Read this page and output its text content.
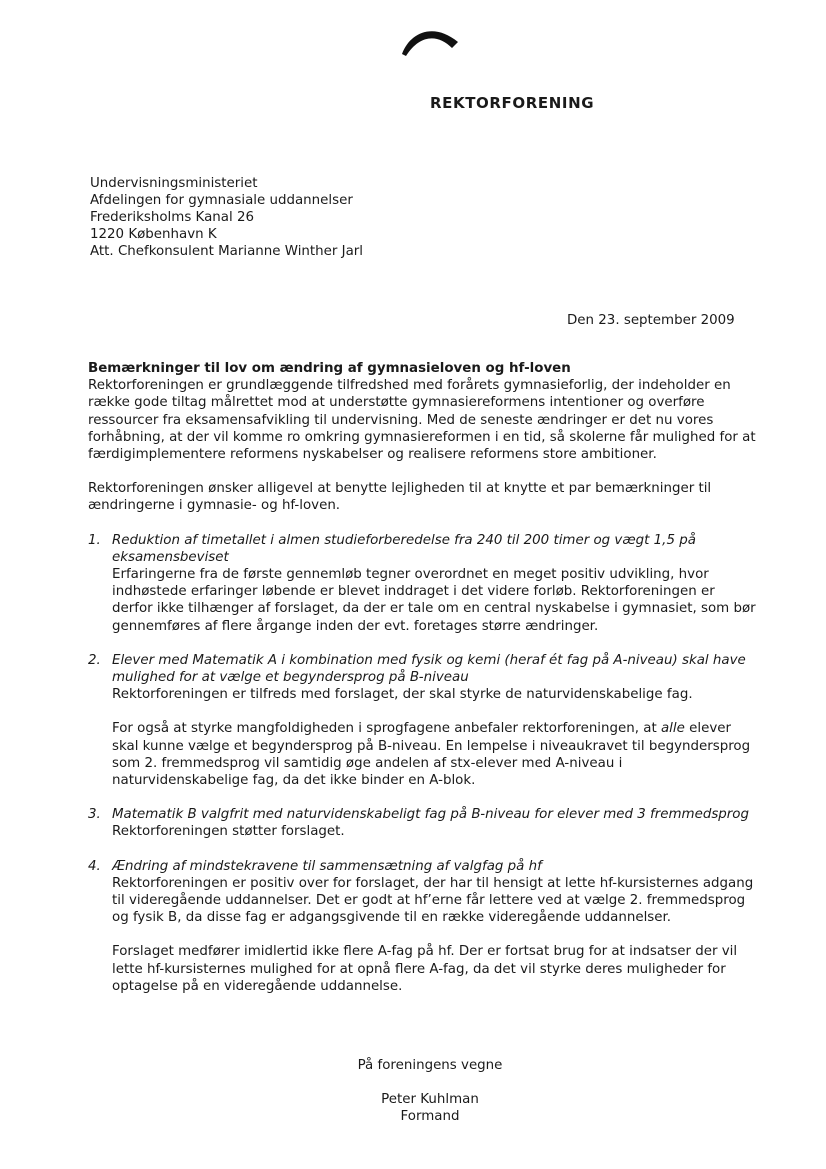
REKTORFORENING
Undervisningsministeriet
Afdelingen for gymnasiale uddannelser
Frederiksholms Kanal 26
1220 København K
Att. Chefkonsulent Marianne Winther Jarl
Den 23. september 2009

Bemærkninger til lov om ændring af gymnasieloven og hf-loven

Rektorforeningen er grundlæggende tilfredshed med forårets gymnasieforlig, der indeholder en række gode tiltag målrettet mod at understøtte gymnasiereformens intentioner og overføre ressourcer fra eksamensafvikling til undervisning. Med de seneste ændringer er det nu vores forhåbning, at der vil komme ro omkring gymnasiereformen i en tid, så skolerne får mulighed for at færdigimplementere reformens nyskabelser og realisere reformens store ambitioner.

Rektorforeningen ønsker alligevel at benytte lejligheden til at knytte et par bemærkninger til ændringerne i gymnasie- og hf-loven.

1. Reduktion af timetallet i almen studieforberedelse fra 240 til 200 timer og vægt 1,5 på eksamensbeviset

Erfaringerne fra de første gennemløb tegner overordnet en meget positiv udvikling, hvor indhøstede erfaringer løbende er blevet inddraget i det videre forløb. Rektorforeningen er derfor ikke tilhænger af forslaget, da der er tale om en central nyskabelse i gymnasiet, som bør gennemføres af flere årgange inden der evt. foretages større ændringer.

2. Elever med Matematik A i kombination med fysik og kemi (heraf ét fag på A-niveau) skal have mulighed for at vælge et begyndersprog på B-niveau

Rektorforeningen er tilfreds med forslaget, der skal styrke de naturvidenskabelige fag.

For også at styrke mangfoldigheden i sprogfagene anbefaler rektorforeningen, at alle elever skal kunne vælge et begyndersprog på B-niveau. En lempelse i niveaukravet til begyndersprog som 2. fremmedsprog vil samtidig øge andelen af stx-elever med A-niveau i naturvidenskabelige fag, da det ikke binder en A-blok.

3. Matematik B valgfrit med naturvidenskabeligt fag på B-niveau for elever med 3 fremmedsprog

Rektorforeningen støtter forslaget.

4. Ændring af mindstekravene til sammensætning af valgfag på hf

Rektorforeningen er positiv over for forslaget, der har til hensigt at lette hf-kursisternes adgang til videregående uddannelser. Det er godt at hf’erne får lettere ved at vælge 2. fremmedsprog og fysik B, da disse fag er adgangsgivende til en række videregående uddannelser.

Forslaget medfører imidlertid ikke flere A-fag på hf. Der er fortsat brug for at indsatser der vil lette hf-kursisternes mulighed for at opnå flere A-fag, da det vil styrke deres muligheder for optagelse på en videregående uddannelse.

På foreningens vegne
Peter Kuhlman
Formand
